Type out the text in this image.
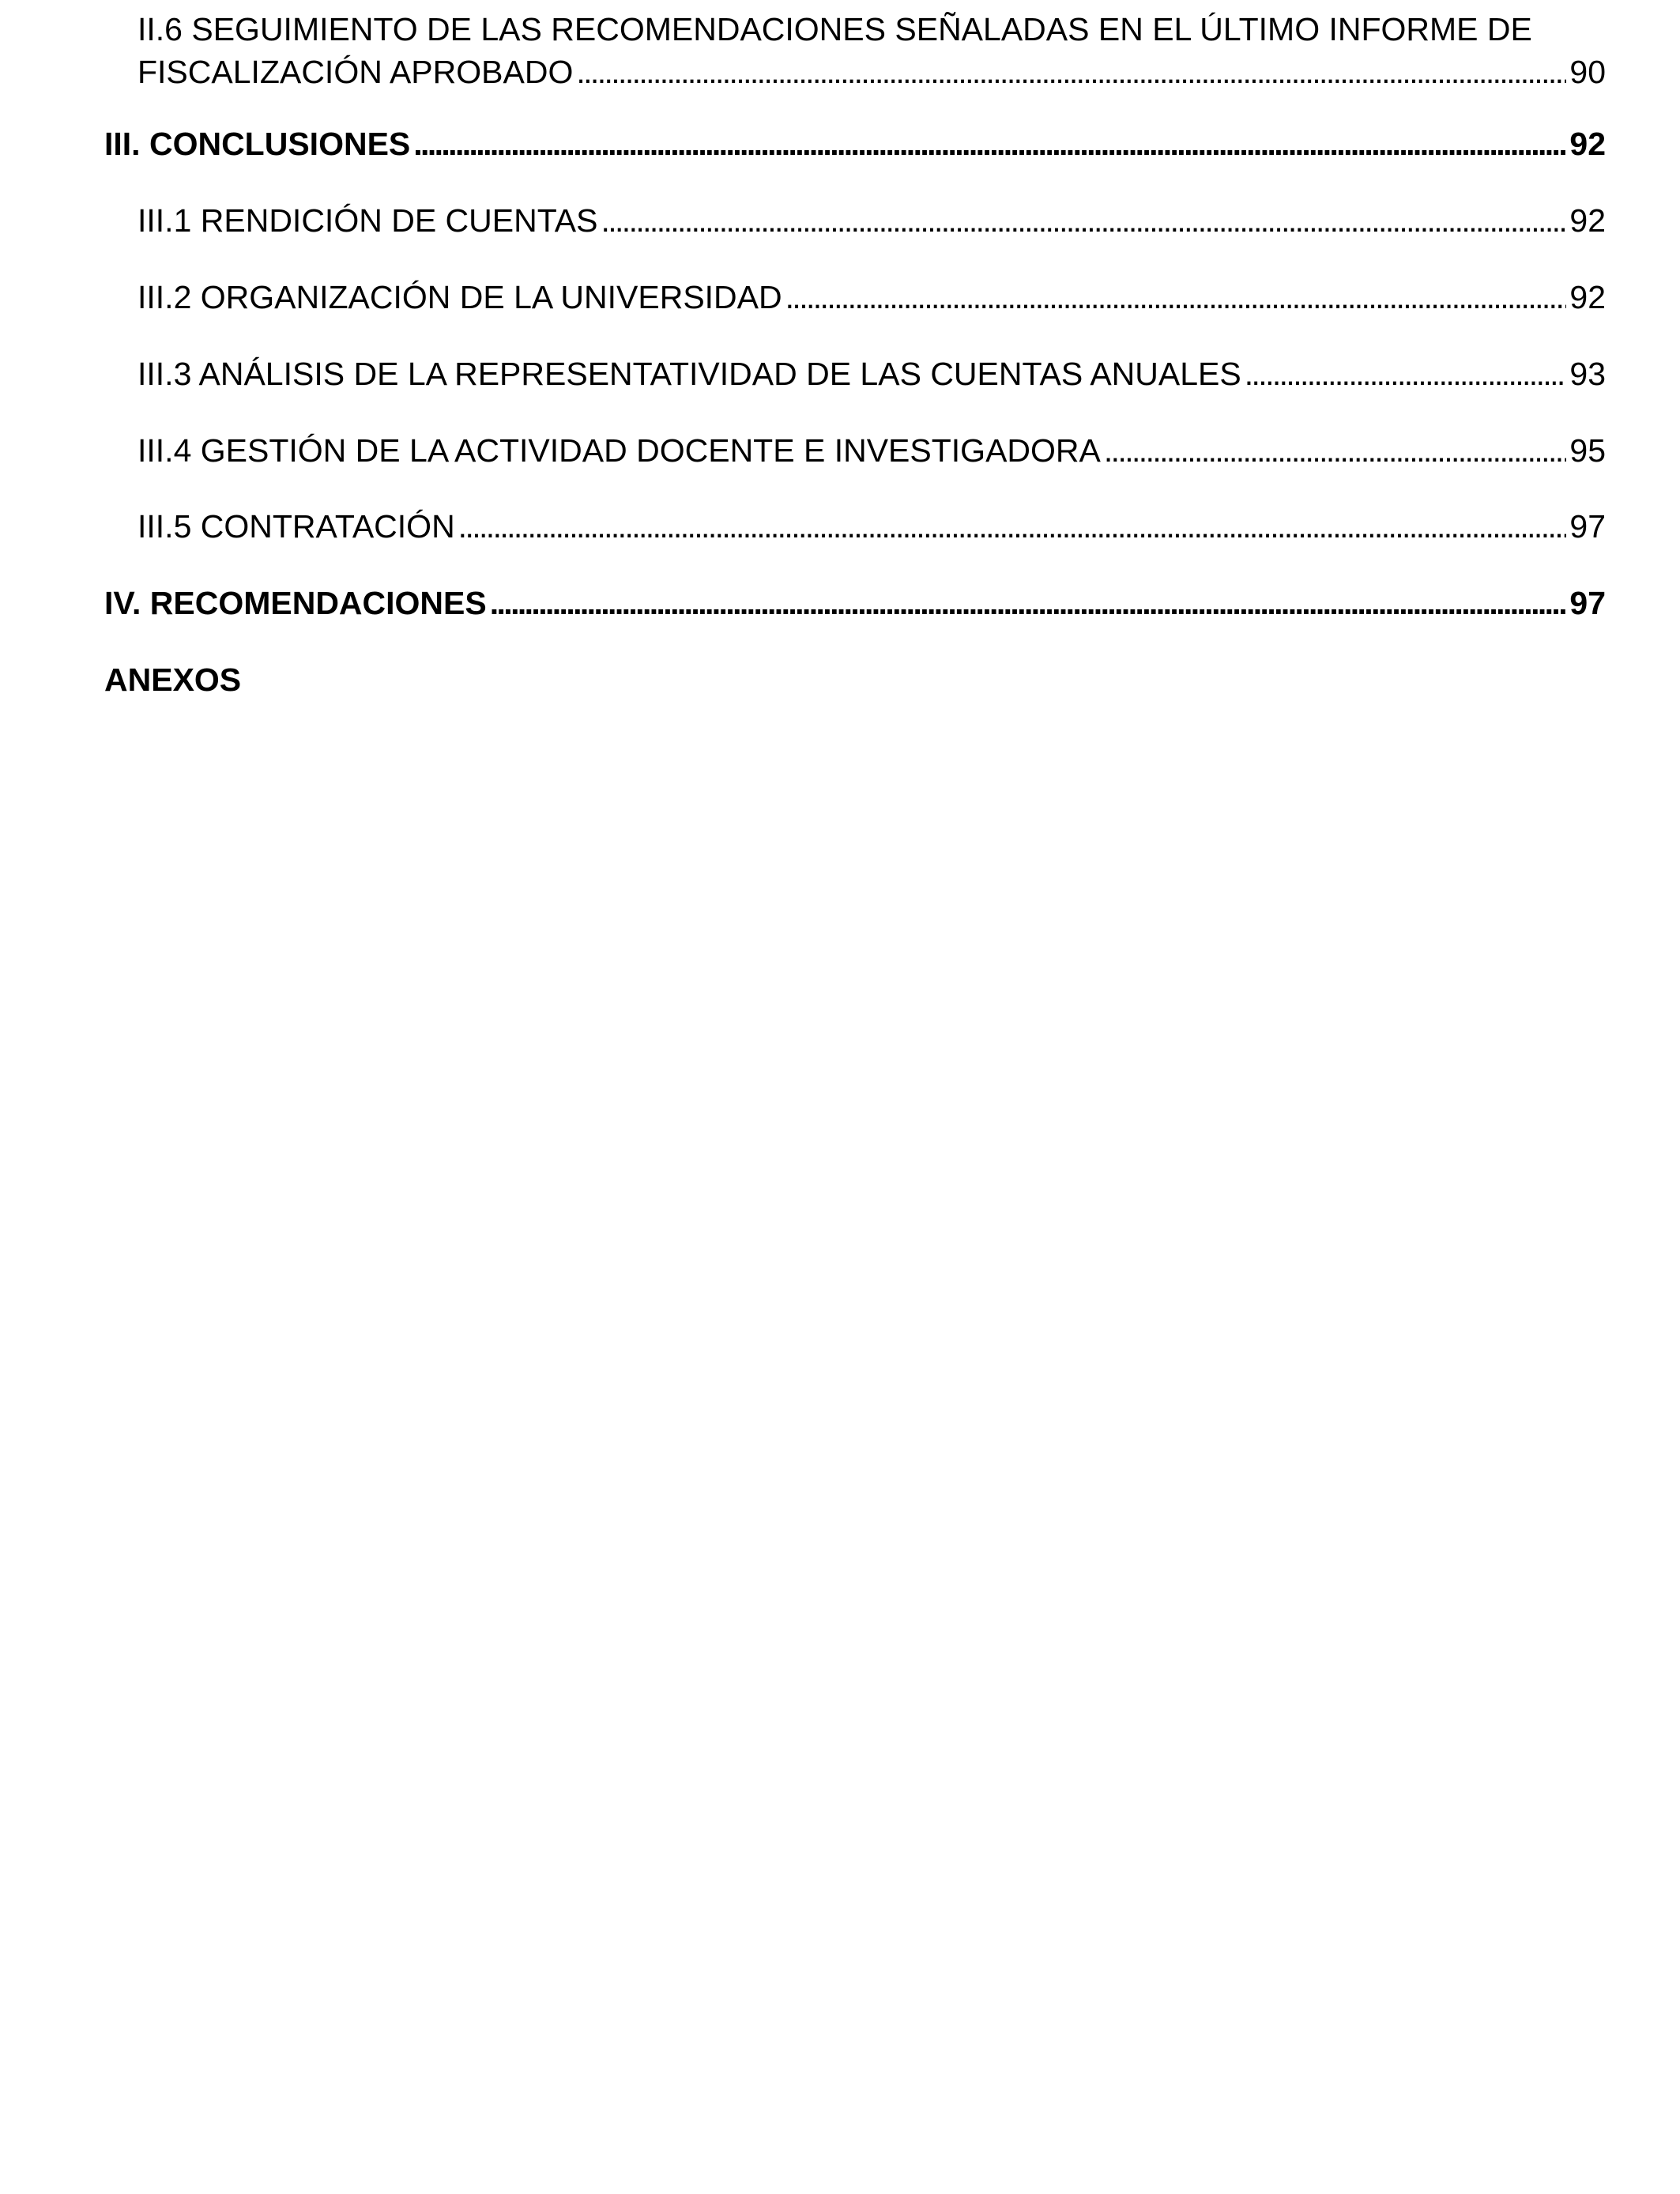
II.6 SEGUIMIENTO DE LAS RECOMENDACIONES SEÑALADAS EN EL ÚLTIMO INFORME DE
FISCALIZACIÓN APROBADO . . .	90
III. CONCLUSIONES . . .	92
III.1 RENDICIÓN DE CUENTAS . . .	92
III.2 ORGANIZACIÓN DE LA UNIVERSIDAD . . .	92
III.3 ANÁLISIS DE LA REPRESENTATIVIDAD DE LAS CUENTAS ANUALES . . .	93
III.4 GESTIÓN DE LA ACTIVIDAD DOCENTE E INVESTIGADORA . . .	95
III.5 CONTRATACIÓN . . .	97
IV. RECOMENDACIONES . . .	97
ANEXOS
